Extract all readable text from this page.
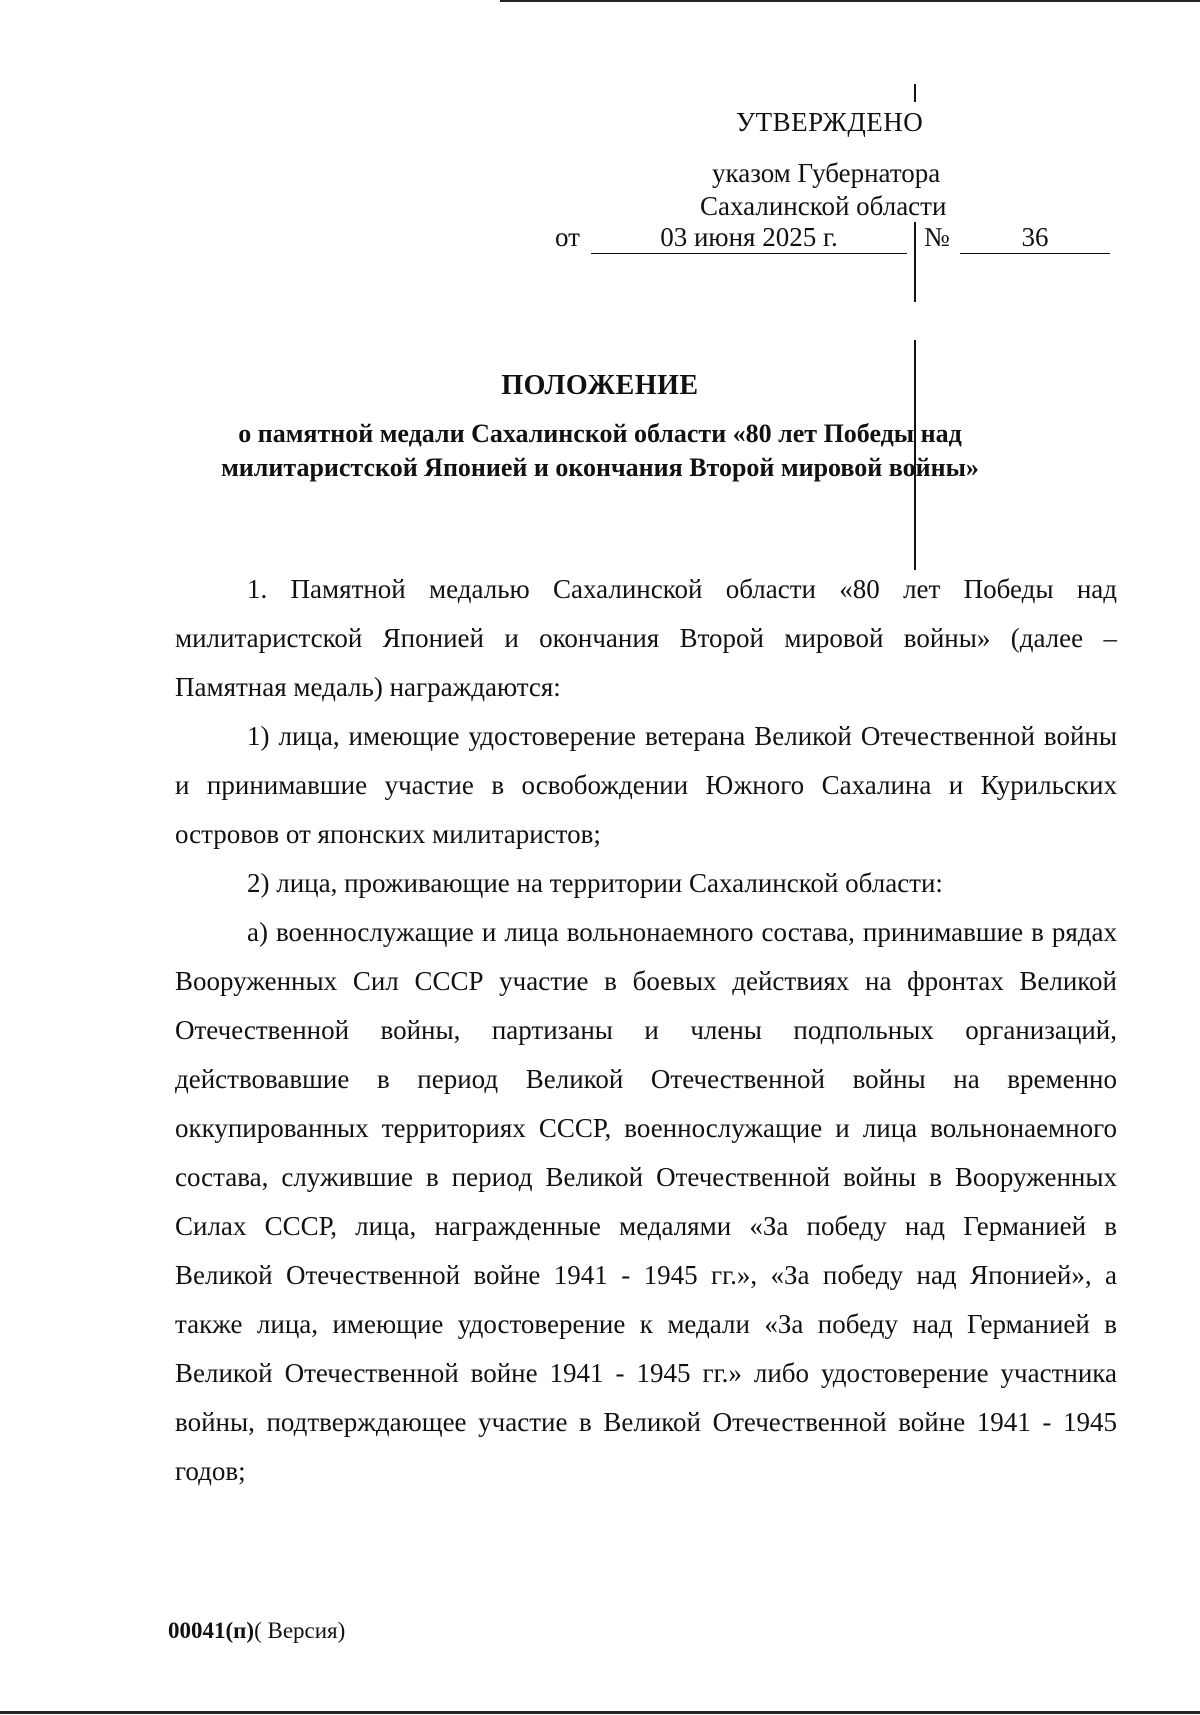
УТВЕРЖДЕНО
указом Губернатора
Сахалинской области
от	03 июня 2025 г.	№	36
ПОЛОЖЕНИЕ
о памятной медали Сахалинской области «80 лет Победы над
милитаристской Японией и окончания Второй мировой войны»

1. Памятной медалью Сахалинской области «80 лет Победы над милитаристской Японией и окончания Второй мировой войны» (далее – Памятная медаль) награждаются:

1) лица, имеющие удостоверение ветерана Великой Отечественной войны и принимавшие участие в освобождении Южного Сахалина и Курильских островов от японских милитаристов;

2) лица, проживающие на территории Сахалинской области:

а) военнослужащие и лица вольнонаемного состава, принимавшие в рядах Вооруженных Сил СССР участие в боевых действиях на фронтах Великой Отечественной войны, партизаны и члены подпольных организаций, действовавшие в период Великой Отечественной войны на временно оккупированных территориях СССР, военнослужащие и лица вольнонаемного состава, служившие в период Великой Отечественной войны в Вооруженных Силах СССР, лица, награжденные медалями «За победу над Германией в Великой Отечественной войне 1941 - 1945 гг.», «За победу над Японией», а также лица, имеющие удостоверение к медали «За победу над Германией в Великой Отечественной войне 1941 - 1945 гг.» либо удостоверение участника войны, подтверждающее участие в Великой Отечественной войне 1941 - 1945 годов;

00041(п)( Версия)
